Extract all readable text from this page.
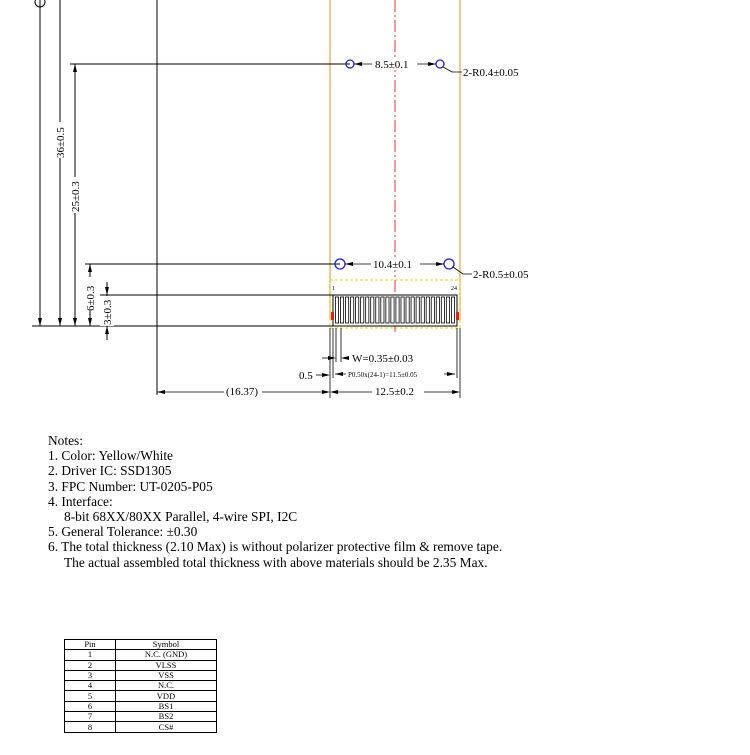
36±0.5
25±0.3
6±0.3
3±0.3
8.5±0.1
2-R0.4±0.05
10.4±0.1
2-R0.5±0.05
1	24
W=0.35±0.03
0.5	P0.50x(24-1)=11.5±0.05
(16.37)	12.5±0.2
Notes:
1. Color: Yellow/White
2. Driver IC: SSD1305
3. FPC Number: UT-0205-P05
4. Interface:
8-bit 68XX/80XX Parallel, 4-wire SPI, I2C
5. General Tolerance: ±0.30
6. The total thickness (2.10 Max) is without polarizer protective film & remove tape.
The actual assembled total thickness with above materials should be 2.35 Max.
Pin	Symbol
1	N.C. (GND)
2	VLSS
3	VSS
4	N.C.
5	VDD
6	BS1
7	BS2
8	CS#
